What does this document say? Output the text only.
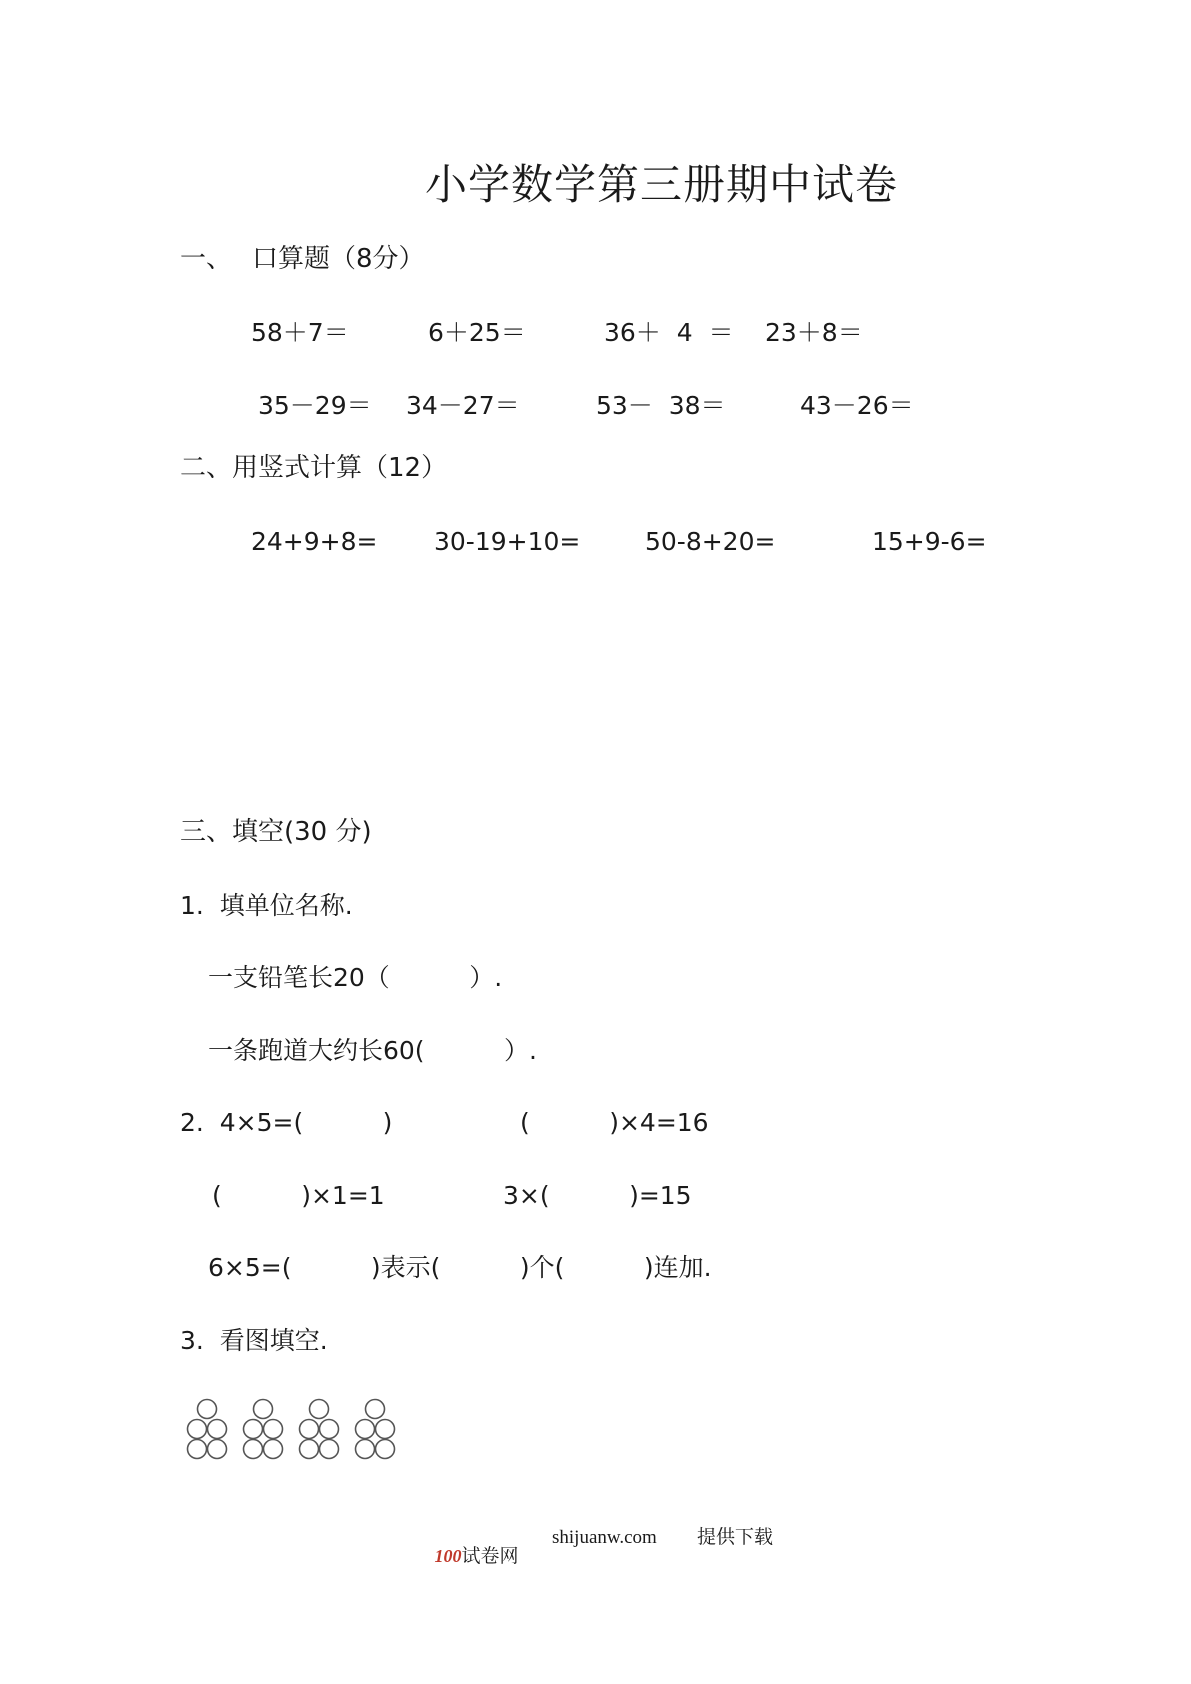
小学数学第三册期中试卷
一、 口算题（8分）
58＋7＝	6＋25＝	36＋  4  ＝ 23＋8＝
35－29＝ 34－27＝	53－  38＝	43－26＝
二、用竖式计算（12）
24+9+8= 30-19+10=	50-8+20=	15+9-6=
三、填空(30 分)
1.  填单位名称.
一支铅笔长20（          ）.
一条跑道大约长60(          ）.
2.  4×5=(          )	(          )×4=16
(          )×1=1	3×(          )=15
6×5=(          )表示(          )个(          )连加.
3.  看图填空.

100试卷网

shijuanw.com 提供下载
